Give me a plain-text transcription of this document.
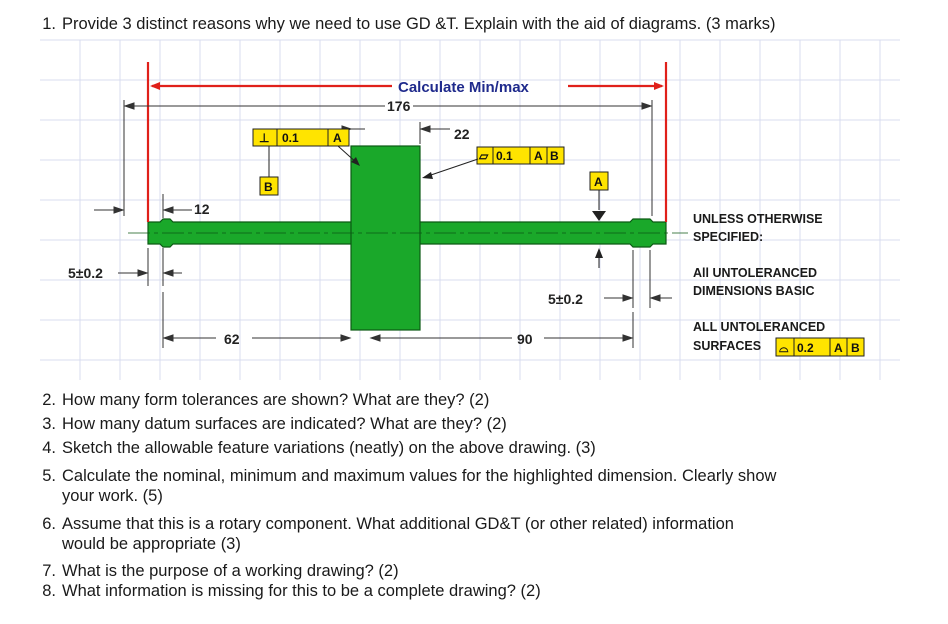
1. Provide 3 distinct reasons why we need to use GD &T. Explain with the aid of diagrams. (3 marks)
Calculate Min/max
176
22
12
5±0.2
5±0.2
62	90
⊥ 0.1	A
B
⏥ 0.1 A B
A
UNLESS OTHERWISE
SPECIFIED:
All UNTOLERANCED
DIMENSIONS BASIC
ALL UNTOLERANCED
SURFACES ⌓ 0.2 A B
2. How many form tolerances are shown? What are they? (2)
3. How many datum surfaces are indicated? What are they? (2)
4. Sketch the allowable feature variations (neatly) on the above drawing. (3)
5. Calculate the nominal, minimum and maximum values for the highlighted dimension. Clearly show
your work. (5)
6. Assume that this is a rotary component. What additional GD&T (or other related) information
would be appropriate (3)
7. What is the purpose of a working drawing? (2)
8. What information is missing for this to be a complete drawing? (2)
